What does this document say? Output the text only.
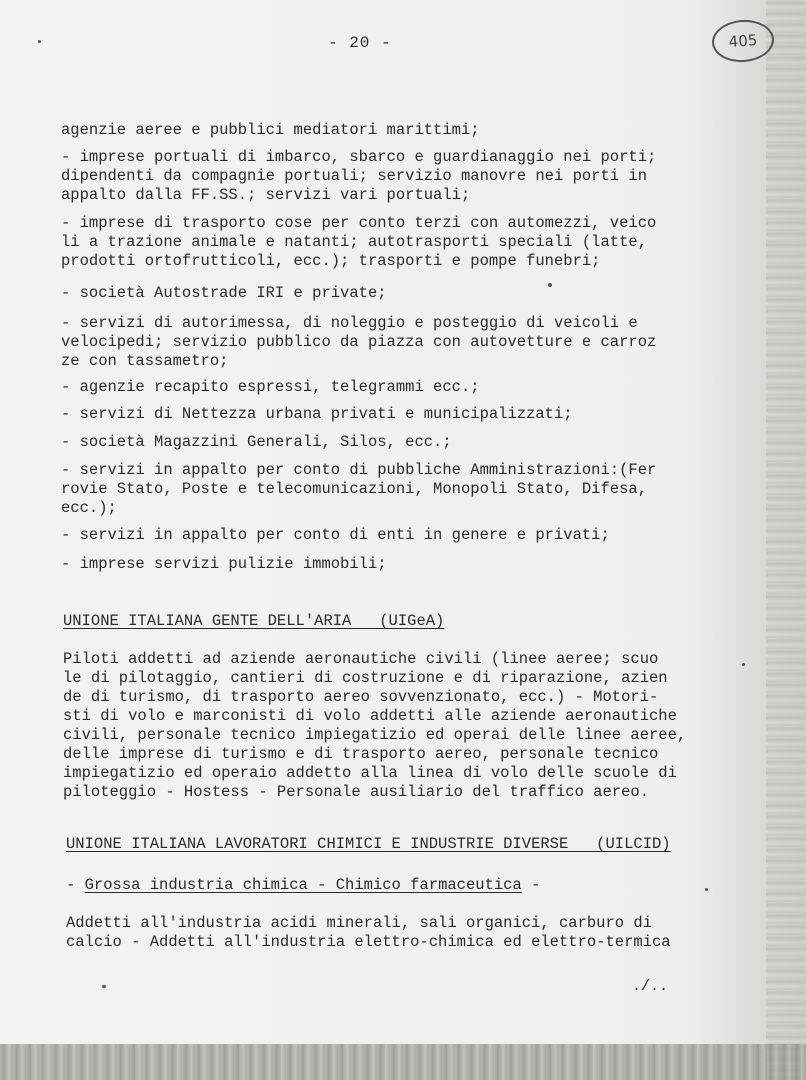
- 20 -	405
agenzie aeree e pubblici mediatori marittimi;
- imprese portuali di imbarco, sbarco e guardianaggio nei porti;
dipendenti da compagnie portuali; servizio manovre nei porti in
appalto dalla FF.SS.; servizi vari portuali;
- imprese di trasporto cose per conto terzi con automezzi, veico
li a trazione animale e natanti; autotrasporti speciali (latte,
prodotti ortofrutticoli, ecc.); trasporti e pompe funebri;
- società Autostrade IRI e private;
- servizi di autorimessa, di noleggio e posteggio di veicoli e
velocipedi; servizio pubblico da piazza con autovetture e carroz
ze con tassametro;
- agenzie recapito espressi, telegrammi ecc.;
- servizi di Nettezza urbana privati e municipalizzati;
- società Magazzini Generali, Silos, ecc.;
- servizi in appalto per conto di pubbliche Amministrazioni:(Fer
rovie Stato, Poste e telecomunicazioni, Monopoli Stato, Difesa,
ecc.);
- servizi in appalto per conto di enti in genere e privati;
- imprese servizi pulizie immobili;
UNIONE ITALIANA GENTE DELL'ARIA   (UIGeA)
Piloti addetti ad aziende aeronautiche civili (linee aeree; scuo
le di pilotaggio, cantieri di costruzione e di riparazione, azien
de di turismo, di trasporto aereo sovvenzionato, ecc.) - Motori-
sti di volo e marconisti di volo addetti alle aziende aeronautiche
civili, personale tecnico impiegatizio ed operai delle linee aeree,
delle imprese di turismo e di trasporto aereo, personale tecnico
impiegatizio ed operaio addetto alla linea di volo delle scuole di
piloteggio - Hostess - Personale ausiliario del traffico aereo.
UNIONE ITALIANA LAVORATORI CHIMICI E INDUSTRIE DIVERSE   (UILCID)
- Grossa industria chimica - Chimico farmaceutica -
Addetti all'industria acidi minerali, sali organici, carburo di
calcio - Addetti all'industria elettro-chimica ed elettro-termica
./..
